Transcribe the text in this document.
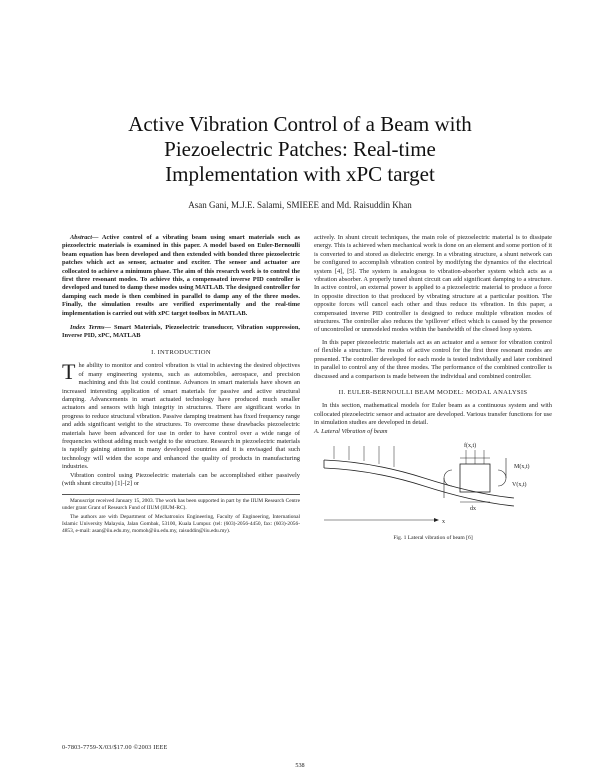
Active Vibration Control of a Beam with
Piezoelectric Patches: Real-time
Implementation with xPC target
Asan Gani, M.J.E. Salami, SMIEEE and Md. Raisuddin Khan

Abstract— Active control of a vibrating beam using smart materials such as piezoelectric materials is examined in this paper. A model based on Euler-Bernoulli beam equation has been developed and then extended with bonded three piezoelectric patches which act as sensor, actuator and exciter. The sensor and actuator are collocated to achieve a minimum phase. The aim of this research work is to control the first three resonant modes. To achieve this, a compensated inverse PID controller is developed and tuned to damp these modes using MATLAB. The designed controller for damping each mode is then combined in parallel to damp any of the three modes. Finally, the simulation results are verified experimentally and the real-time implementation is carried out with xPC target toolbox in MATLAB.

Index Terms— Smart Materials, Piezoelectric transducer, Vibration suppression, Inverse PID, xPC, MATLAB

I. INTRODUCTION

The ability to monitor and control vibration is vital in achieving the desired objectives of many engineering systems, such as automobiles, aerospace, and precision machining and this list could continue. Advances in smart materials have shown an increased interesting application of smart materials for passive and active structural damping. Advancements in smart actuated technology have produced much smaller actuators and sensors with high integrity in structures. There are significant works in progress to reduce structural vibration. Passive damping treatment has fixed frequency range and adds significant weight to the structures. To overcome these drawbacks piezoelectric materials have been advanced for use in order to have control over a wide range of frequencies without adding much weight to the structure. Research in piezoelectric materials is rapidly gaining attention in many developed countries and it is envisaged that such technology will widen the scope and enhanced the quality of products in manufacturing industries.

Vibration control using Piezoelectric materials can be accomplished either passively (with shunt circuits) [1]-[2] or

Manuscript received January 15, 2003. The work has been supported in part by the IIUM Research Centre under grant Grant of Research Fund of IIUM (IIUM-RC).

The authors are with Department of Mechatronics Engineering, Faculty of Engineering, International Islamic University Malaysia, Jalan Gombak, 53100, Kuala Lumpur. (tel: (603)-2056-4450, fax: (603)-2056-4853, e-mail: asan@iiu.edu.my, momoh@iiu.edu.my, raisuddin@iiu.edu.my).

actively. In shunt circuit techniques, the main role of piezoelectric material is to dissipate energy. This is achieved when mechanical work is done on an element and some portion of it is converted to and stored as dielectric energy. In a vibrating structure, a shunt network can be configured to accomplish vibration control by modifying the dynamics of the electrical system [4], [5]. The system is analogous to vibration-absorber system which acts as a vibration absorber. A properly tuned shunt circuit can add significant damping to a structure. In active control, an external power is applied to a piezoelectric material to produce a force in opposite direction to that produced by vibrating structure at a particular position. The opposite forces will cancel each other and thus reduce its vibration. In this paper, a compensated inverse PID controller is designed to reduce multiple vibration modes of structures. The controller also reduces the 'spillover' effect which is caused by the presence of uncontrolled or unmodeled modes within the bandwidth of the closed loop system.

In this paper piezoelectric materials act as an actuator and a sensor for vibration control of flexible a structure. The results of active control for the first three resonant modes are presented. The controller developed for each mode is tested individually and later combined in parallel to control any of the three modes. The performance of the combined controller is discussed and a comparison is made between the individual and combined controller.

II. EULER-BERNOULLI BEAM MODEL: MODAL ANALYSIS

In this section, mathematical models for Euler beam as a continuous system and with collocated piezoelectric sensor and actuator are developed. Various transfer functions for use in simulation studies are developed in detail.

A. Lateral Vibration of beam

f(x,t)
M(x,t)
V(x,t)
dx
x
Fig. 1 Lateral vibration of beam [6]
0-7803-7759-X/03/$17.00 ©2003 IEEE
538
